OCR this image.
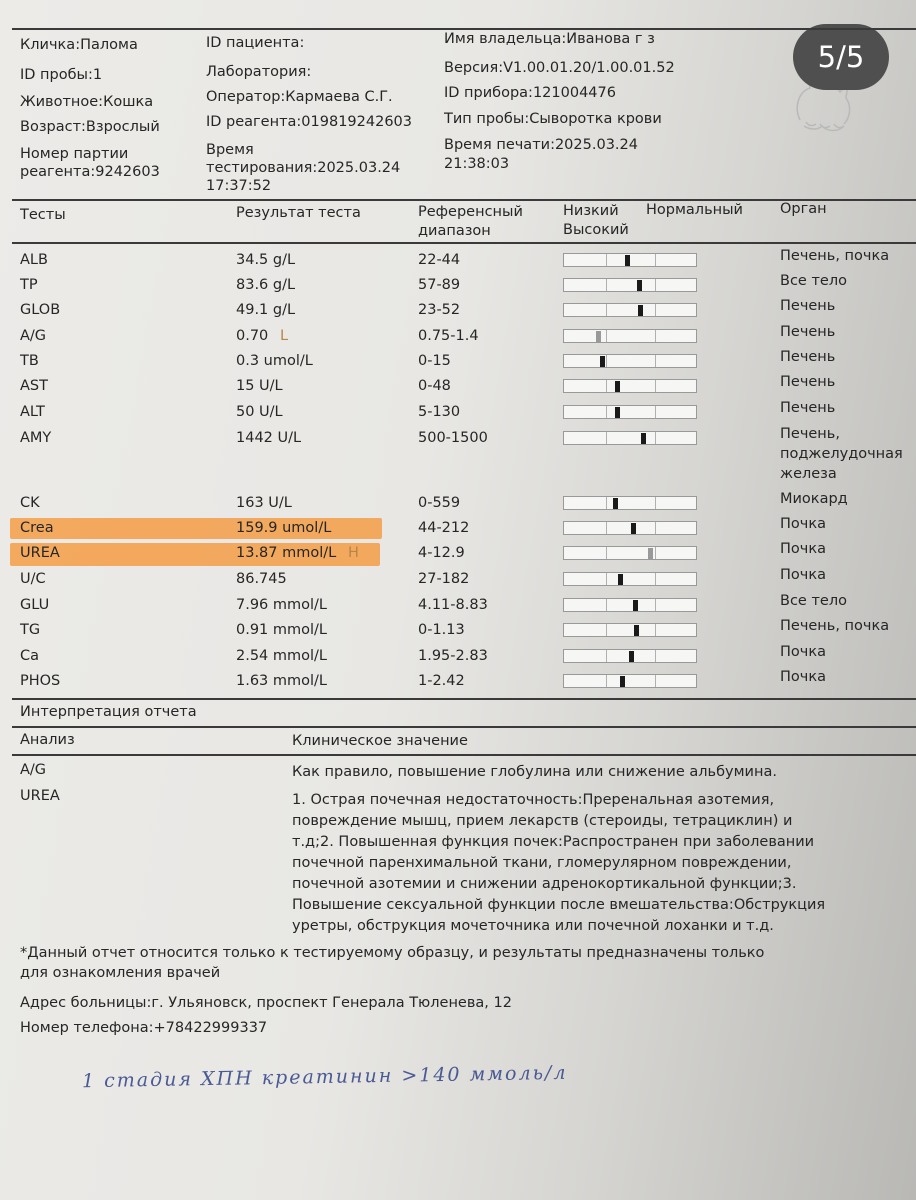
5/5
Кличка:Палома	ID пациента:	Имя владельца:Иванова г з
ID пробы:1	Лаборатория:	Версия:V1.00.01.20/1.00.01.52
Животное:Кошка	Оператор:Кармаева С.Г.	ID прибора:121004476
Возраст:Взрослый	ID реагента:019819242603 Тип пробы:Сыворотка крови
Номер партии
реагента:9242603
Время
тестирования:2025.03.24
17:37:52
Время печати:2025.03.24
21:38:03
Тесты	Результат теста	Референсный
диапазон
Низкий
Высокий
Нормальный	Орган
ALB	34.5 g/L	22-44	Печень, почка
TP	83.6 g/L	57-89	Все тело
GLOB	49.1 g/L	23-52	Печень
A/G	0.70 L	0.75-1.4	Печень
TB	0.3 umol/L	0-15	Печень
AST	15 U/L	0-48	Печень
ALT	50 U/L	5-130	Печень
AMY	1442 U/L	500-1500	Печень,
поджелудочная
железа
CK	163 U/L	0-559	Миокард
Crea	159.9 umol/L	44-212	Почка
UREA	13.87 mmol/L H	4-12.9	Почка
U/C	86.745	27-182	Почка
GLU	7.96 mmol/L	4.11-8.83	Все тело
TG	0.91 mmol/L	0-1.13	Печень, почка
Ca	2.54 mmol/L	1.95-2.83	Почка
PHOS	1.63 mmol/L	1-2.42	Почка
Интерпретация отчета
Анализ	Клиническое значение
A/G	Как правило, повышение глобулина или снижение альбумина.
UREA	1. Острая почечная недостаточность:Преренальная азотемия,
повреждение мышц, прием лекарств (стероиды, тетрациклин) и
т.д;2. Повышенная функция почек:Распространен при заболевании
почечной паренхимальной ткани, гломерулярном повреждении,
почечной азотемии и снижении адренокортикальной функции;3.
Повышение сексуальной функции после вмешательства:Обструкция
уретры, обструкция мочеточника или почечной лоханки и т.д.
*Данный отчет относится только к тестируемому образцу, и результаты предназначены только
для ознакомления врачей
Адрес больницы:г. Ульяновск, проспект Генерала Тюленева, 12
Номер телефона:+78422999337
1 стадия ХПН креатинин >140 ммоль/л
